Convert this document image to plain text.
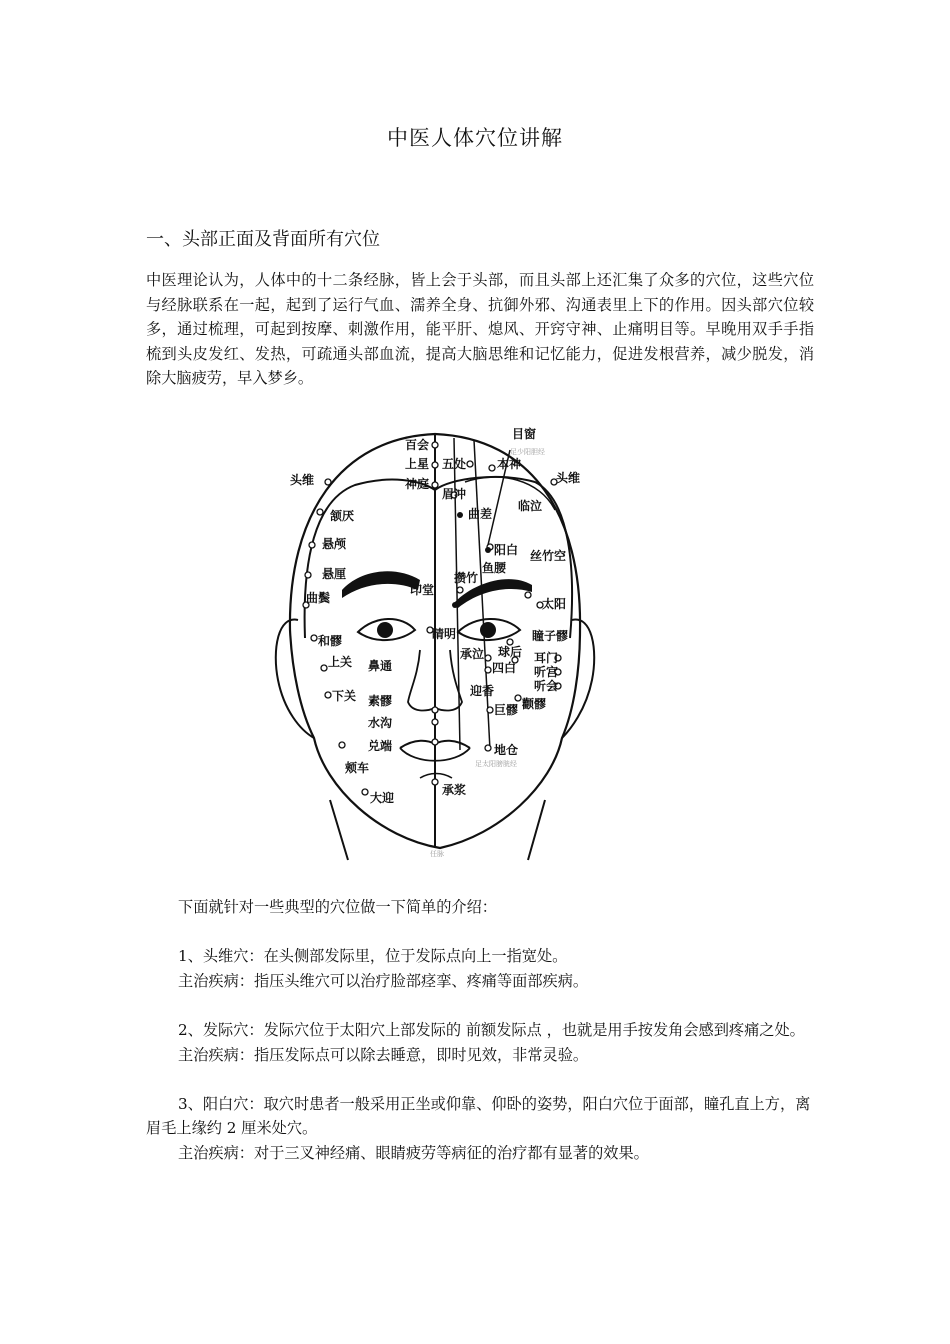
中医人体穴位讲解
一、头部正面及背面所有穴位
中医理论认为，人体中的十二条经脉，皆上会于头部，而且头部上还汇集了众多的穴位，这些穴位与经脉联系在一起，起到了运行气血、濡养全身、抗御外邪、沟通表里上下的作用。因头部穴位较多，通过梳理，可起到按摩、刺激作用，能平肝、熄风、开窍守神、止痛明目等。早晚用双手手指梳到头皮发红、发热，可疏通头部血流，提高大脑思维和记忆能力，促进发根营养，减少脱发，消除大脑疲劳，早入梦乡。
百会
目窗
上星 五处	本神
神庭
眉冲
头维	头维
颔厌	曲差
临泣
悬颅	阳白
悬厘
丝竹空
鱼腰
攒竹
印堂
太阳
曲鬓
睛明	瞳子髎
和髎
承泣 球后
上关 鼻通	四白
耳门
听宫
听会
迎香
下关 素髎	颧髎
水沟
巨髎
兑端	地仓
颊车
承浆
大迎
足少阳胆经
足太阳膀胱经
任脉

下面就针对一些典型的穴位做一下简单的介绍：

1、头维穴：在头侧部发际里，位于发际点向上一指宽处。

主治疾病：指压头维穴可以治疗脸部痉挛、疼痛等面部疾病。

2、发际穴：发际穴位于太阳穴上部发际的 前额发际点 ，也就是用手按发角会感到疼痛之处。

主治疾病：指压发际点可以除去睡意，即时见效，非常灵验。

3、阳白穴：取穴时患者一般采用正坐或仰靠、仰卧的姿势，阳白穴位于面部，瞳孔直上方，离眉毛上缘约 2 厘米处穴。

主治疾病：对于三叉神经痛、眼睛疲劳等病征的治疗都有显著的效果。
